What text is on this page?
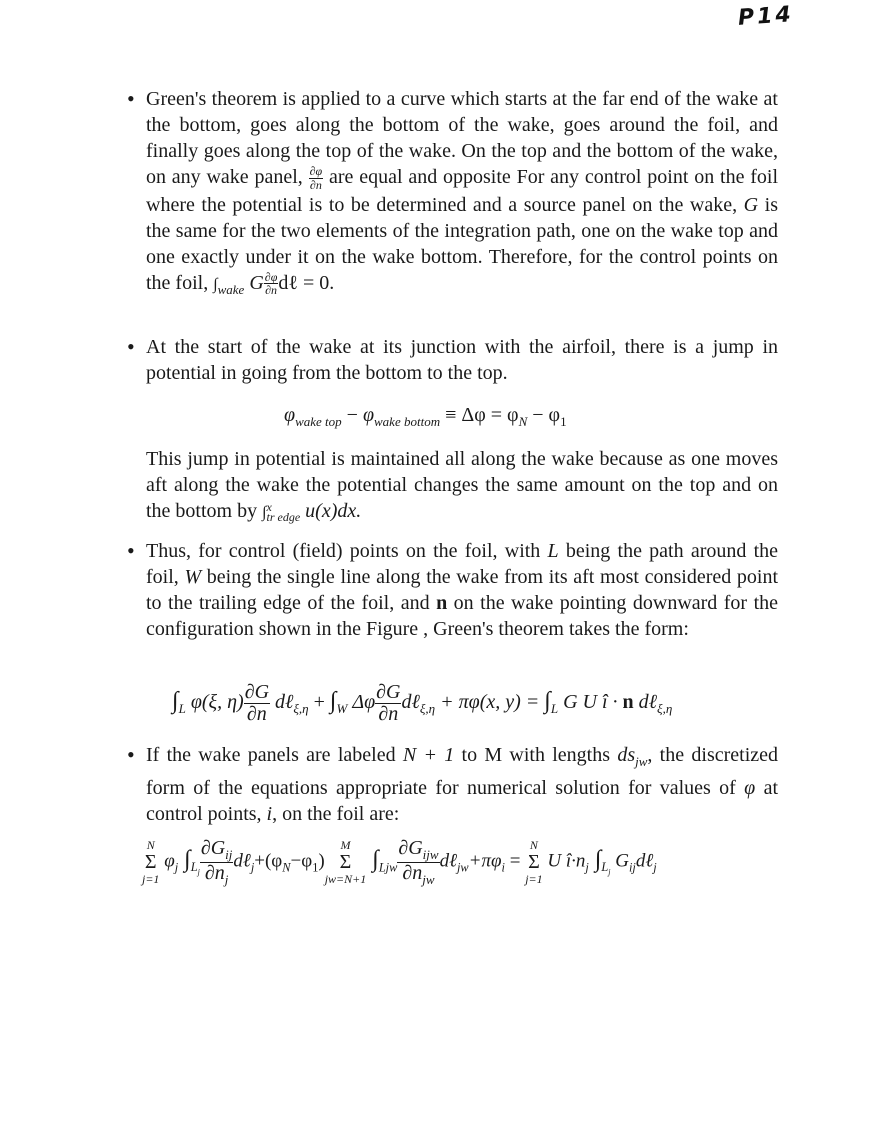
P14
• Green's theorem is applied to a curve which starts at the far end of the wake at the bottom, goes along the bottom of the wake, goes around the foil, and finally goes along the top of the wake. On the top and the bottom of the wake, on any wake panel, $\frac{\partial\varphi}{\partial n}$ are equal and opposite For any control point on the foil where the potential is to be determined and a source panel on the wake, G is the same for the two elements of the integration path, one on the wake top and one exactly under it on the wake bottom. Therefore, for the control points on the foil, $\int_{wake}$ G $\frac{\partial\varphi}{\partial n}$ dℓ = 0.
• At the start of the wake at its junction with the airfoil, there is a jump in potential in going from the bottom to the top.
$\varphi_{wake top} - \varphi_{wake bottom} \equiv \Delta\varphi = \varphi_N - \varphi_1$
This jump in potential is maintained all along the wake because as one moves aft along the wake the potential changes the same amount on the top and on the bottom by ∫ x
tr edge u(x)dx.
• Thus, for control (field) points on the foil, with L being the path around the foil, W being the single line along the wake from its aft most considered point to the trailing edge of the foil, and n on the wake pointing downward for the configuration shown in the Figure , Green's theorem takes the form:
$\int_L$ φ(ξ, $\eta) \frac{\partial G}{\partial n}$ dℓ$_{\xi,\eta}$ + $\int_W$ Δφ $\frac{\partial G}{\partial n}$ dℓ$_{\xi,\eta}$ + πφ(x, $y) = \int_L$ G U î · n dℓ$_{\xi,\eta}$
• If the wake panels are labeled N + 1 to M with lengths $ds_{jw}$, the discretized form of the equations appropriate for numerical solution for values of φ at control points, i, on the foil are:
N
Σ
j=1
$\varphi_j$ $\int_{L_j} \frac{\partial G_{ij}}{\partial n_j}$ $d\ell_j+(\varphi_N-\varphi_1)$
M
Σ
jw=N+1
$\int_{Ljw} \frac{\partial G_{ijw}}{\partial n_{jw}}$ $d\ell_{jw}+\pi\varphi_i$ =
N
Σ
j=1
U $î\cdot n_j$ $\int_{L_j}$ $G_{ij}d\ell_j$
